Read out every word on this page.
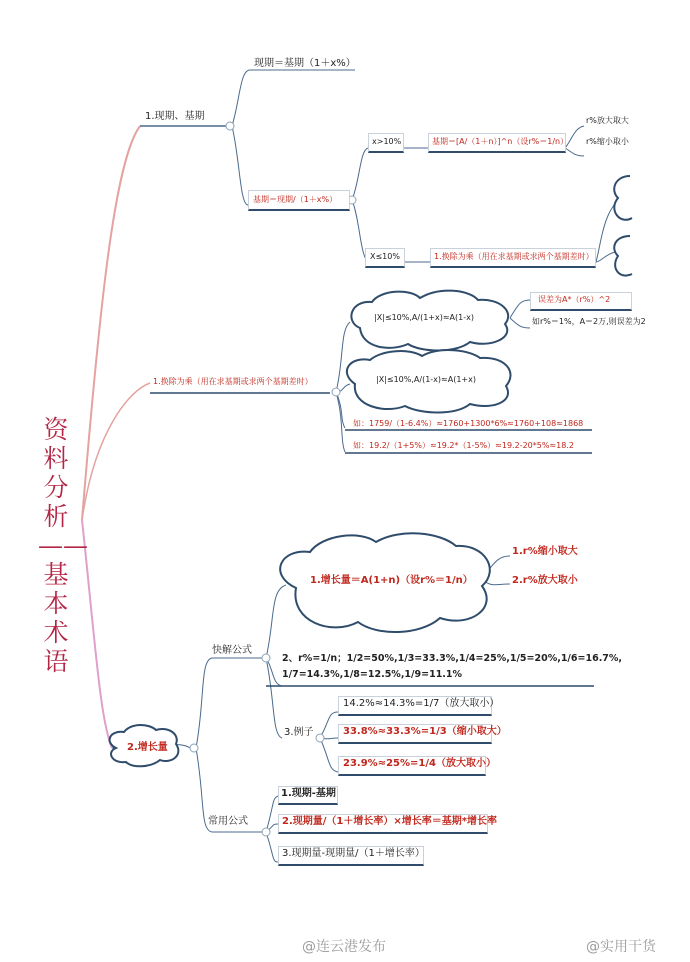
资料分析——基本术语
1.现期、基期
现期＝基期（1＋x%）
基期＝现期/（1＋x%）
x>10%	基期＝[A/（1＋n）]^n（设r%＝1/n）
r%放大取大
r%缩小取小
X≤10%	1.换除为乘（用在求基期或求两个基期差时）
1.换除为乘（用在求基期或求两个基期差时）
|X|≤10%,A/(1+x)≈A(1-x)
误差为A*（r%）^2
如r%＝1%，A＝2万,则误差为2
|X|≤10%,A/(1-x)≈A(1+x)
如：1759/（1-6.4%）≈1760+1300*6%≈1760+108≈1868
如：19.2/（1+5%）≈19.2*（1-5%）≈19.2-20*5%≈18.2
2.增长量
快解公式
1.增长量＝A(1+n)（设r%＝1/n）
1.r%缩小取大
2.r%放大取小
2、r%=1/n；1/2=50%,1/3=33.3%,1/4=25%,1/5=20%,1/6=16.7%,
1/7=14.3%,1/8=12.5%,1/9=11.1%
3.例子
14.2%≈14.3%=1/7（放大取小）
33.8%≈33.3%=1/3（缩小取大）
23.9%≈25%=1/4（放大取小）
常用公式
1.现期-基期
2.现期量/（1＋增长率）×增长率＝基期*增长率
3.现期量-现期量/（1＋增长率）
@连云港发布	@实用干货
